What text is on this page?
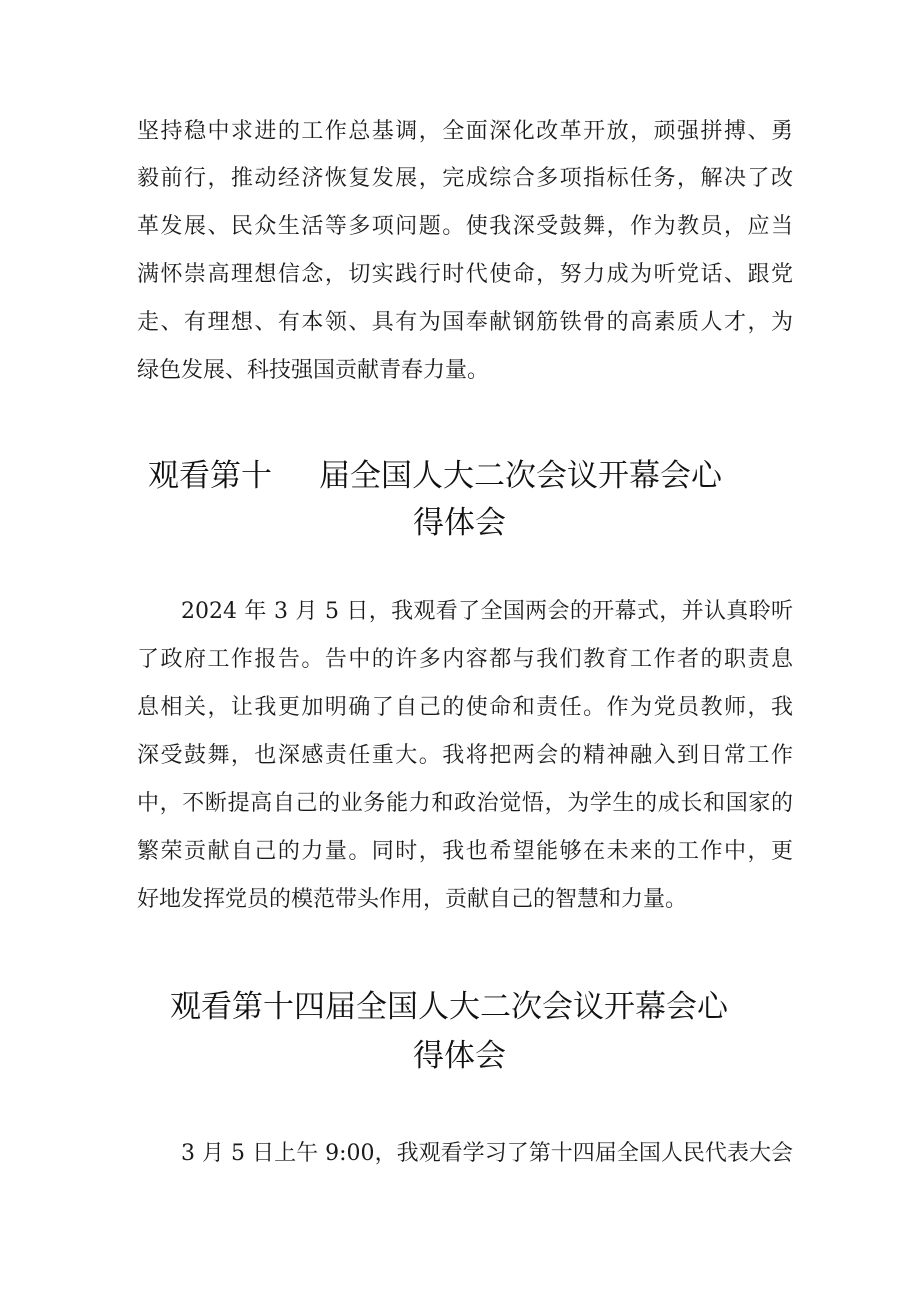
坚持稳中求进的工作总基调，全面深化改革开放，顽强拼搏、勇
毅前行，推动经济恢复发展，完成综合多项指标任务，解决了改
革发展、民众生活等多项问题。使我深受鼓舞，作为教员，应当
满怀崇高理想信念，切实践行时代使命，努力成为听党话、跟党
走、有理想、有本领、具有为国奉献钢筋铁骨的高素质人才，为
绿色发展、科技强国贡献青春力量。
观看第十 届全国人大二次会议开幕会心
得体会
2024 年 3 月 5 日，我观看了全国两会的开幕式，并认真聆听
了政府工作报告。告中的许多内容都与我们教育工作者的职责息
息相关，让我更加明确了自己的使命和责任。作为党员教师，我
深受鼓舞，也深感责任重大。我将把两会的精神融入到日常工作
中，不断提高自己的业务能力和政治觉悟，为学生的成长和国家的
繁荣贡献自己的力量。同时，我也希望能够在未来的工作中，更
好地发挥党员的模范带头作用，贡献自己的智慧和力量。
观看第十四届全国人大二次会议开幕会心
得体会
3 月 5 日上午 9:00，我观看学习了第十四届全国人民代表大会
